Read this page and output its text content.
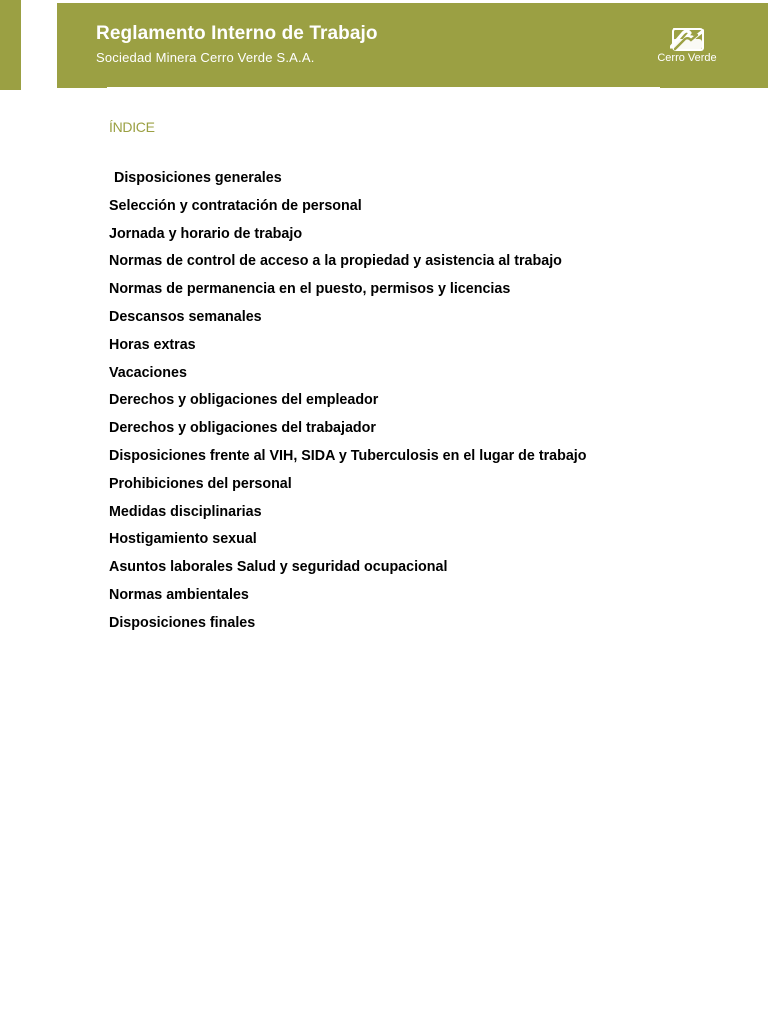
Reglamento Interno de Trabajo
Sociedad Minera Cerro Verde S.A.A.	Cerro Verde
ÍNDICE
Disposiciones generales
Selección y contratación de personal
Jornada y horario de trabajo
Normas de control de acceso a la propiedad y asistencia al trabajo
Normas de permanencia en el puesto, permisos y licencias
Descansos semanales
Horas extras
Vacaciones
Derechos y obligaciones del empleador
Derechos y obligaciones del trabajador
Disposiciones frente al VIH, SIDA y Tuberculosis en el lugar de trabajo
Prohibiciones del personal
Medidas disciplinarias
Hostigamiento sexual
Asuntos laborales Salud y seguridad ocupacional
Normas ambientales
Disposiciones finales
